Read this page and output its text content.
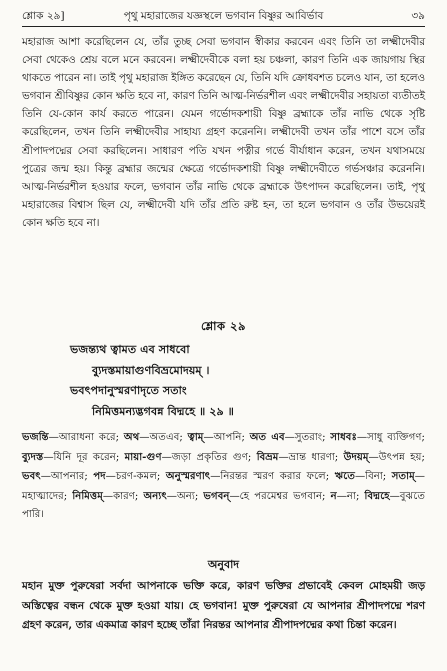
শ্লোক ২৯]	পৃথু মহারাজের যজ্ঞস্থলে ভগবান বিষ্ণুর আবির্ভাব	৩৯

মহারাজ আশা করেছিলেন যে, তাঁর তুচ্ছ সেবা ভগবান স্বীকার করবেন এবং তিনি তা লক্ষ্মীদেবীর সেবা থেকেও শ্রেয় বলে মনে করবেন। লক্ষ্মীদেবীকে বলা হয় চঞ্চলা, কারণ তিনি এক জায়গায় স্থির থাকতে পারেন না। তাই পৃথু মহারাজ ইঙ্গিত করেছেন যে, তিনি যদি ক্রোধবশত চলেও যান, তা হলেও ভগবান শ্রীবিষ্ণুর কোন ক্ষতি হবে না, কারণ তিনি আত্ম-নির্ভরশীল এবং লক্ষ্মীদেবীর সহায়তা ব্যতীতই তিনি যে-কোন কার্য করতে পারেন। যেমন গর্ভোদকশায়ী বিষ্ণু ব্রহ্মাকে তাঁর নাভি থেকে সৃষ্টি করেছিলেন, তখন তিনি লক্ষ্মীদেবীর সাহায্য গ্রহণ করেননি। লক্ষ্মীদেবী তখন তাঁর পাশে বসে তাঁর শ্রীপাদপদ্মের সেবা করছিলেন। সাধারণ পতি যখন পত্নীর গর্ভে বীর্যাধান করেন, তখন যথাসময়ে পুত্রের জন্ম হয়। কিন্তু ব্রহ্মার জন্মের ক্ষেত্রে গর্ভোদকশায়ী বিষ্ণু লক্ষ্মীদেবীতে গর্ভসঞ্চার করেননি। আত্ম-নির্ভরশীল হওয়ার ফলে, ভগবান তাঁর নাভি থেকে ব্রহ্মাকে উৎপাদন করেছিলেন। তাই, পৃথু মহারাজের বিশ্বাস ছিল যে, লক্ষ্মীদেবী যদি তাঁর প্রতি রুষ্ট হন, তা হলে ভগবান ও তাঁর উভয়েরই কোন ক্ষতি হবে না।

শ্লোক ২৯
ভজন্ত্যথ ত্বামত এব সাধবো
ব্যুদস্তমায়াগুণবিভ্রমোদয়ম্ ।
ভবৎপদানুস্মরণাদৃতে সতাং
নিমিত্তমন্যদ্ভগবন্ন বিদ্মহে ॥ ২৯ ॥
ভজন্তি—আরাধনা করে; অথ—অতএব; ত্বাম্—আপনি; অত এব—সুতরাং; সাধবঃ—সাধু ব্যক্তিগণ; ব্যুদস্ত—যিনি দূর করেন; মায়া-গুণ—জড়া প্রকৃতির গুণ; বিভ্রম—ভ্রান্ত ধারণা; উদয়ম্—উৎপন্ন হয়; ভবৎ—আপনার; পদ—চরণ-কমল; অনুস্মরণাৎ—নিরন্তর স্মরণ করার ফলে; ঋতে—বিনা; সতাম্—মহাত্মাদের; নিমিত্তম্—কারণ; অন্যৎ—অন্য; ভগবন্—হে পরমেশ্বর ভগবান; ন—না; বিদ্মহে—বুঝতে পারি।
অনুবাদ
মহান মুক্ত পুরুষেরা সর্বদা আপনাকে ভক্তি করে, কারণ ভক্তির প্রভাবেই কেবল মোহময়ী জড় অস্তিত্বের বন্ধন থেকে মুক্ত হওয়া যায়। হে ভগবান! মুক্ত পুরুষেরা যে আপনার শ্রীপাদপদ্মে শরণ গ্রহণ করেন, তার একমাত্র কারণ হচ্ছে তাঁরা নিরন্তর আপনার শ্রীপাদপদ্মের কথা চিন্তা করেন।
